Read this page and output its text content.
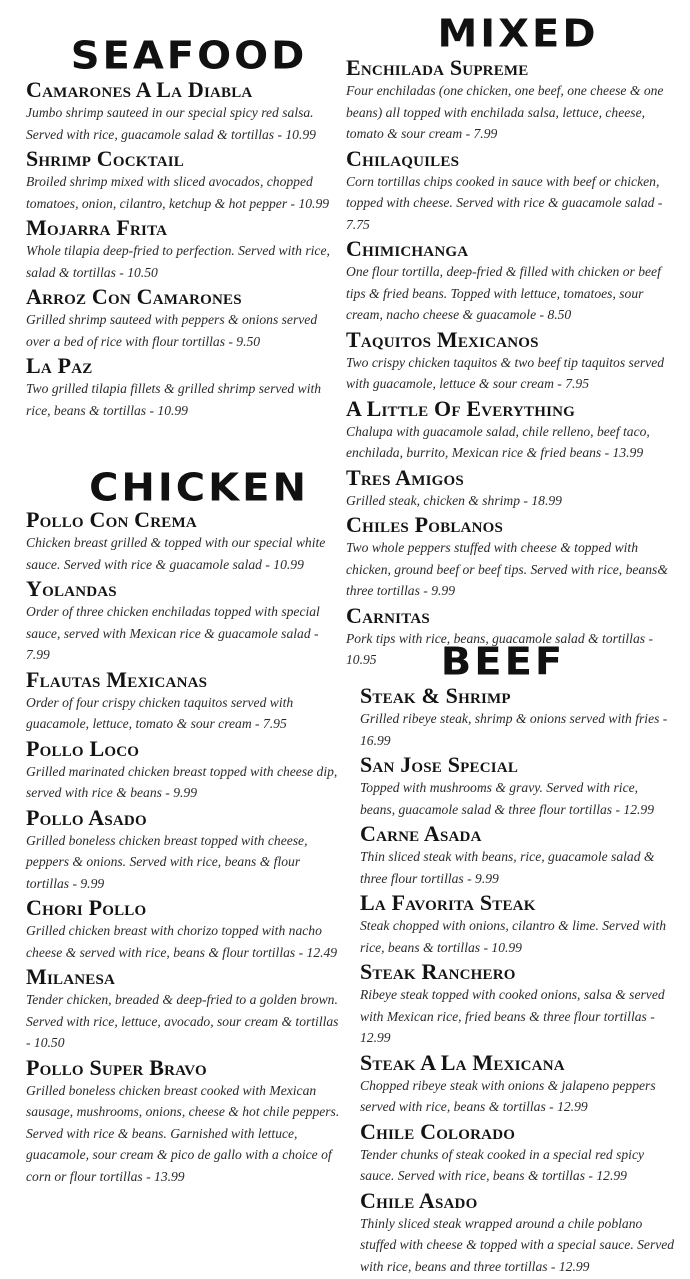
SEAFOOD
Camarones A La Diabla
Jumbo shrimp sauteed in our special spicy red salsa. Served with rice, guacamole salad & tortillas - 10.99
Shrimp Cocktail
Broiled shrimp mixed with sliced avocados, chopped tomatoes, onion, cilantro, ketchup & hot pepper - 10.99
Mojarra Frita
Whole tilapia deep-fried to perfection. Served with rice, salad & tortillas - 10.50
Arroz Con Camarones
Grilled shrimp sauteed with peppers & onions served over a bed of rice with flour tortillas - 9.50
La Paz
Two grilled tilapia fillets & grilled shrimp served with rice, beans & tortillas - 10.99
CHICKEN
Pollo Con Crema
Chicken breast grilled & topped with our special white sauce. Served with rice & guacamole salad - 10.99
Yolandas
Order of three chicken enchiladas topped with special sauce, served with Mexican rice & guacamole salad - 7.99
Flautas Mexicanas
Order of four crispy chicken taquitos served with guacamole, lettuce, tomato & sour cream - 7.95
Pollo Loco
Grilled marinated chicken breast topped with cheese dip, served with rice & beans - 9.99
Pollo Asado
Grilled boneless chicken breast topped with cheese, peppers & onions. Served with rice, beans & flour tortillas - 9.99
Chori Pollo
Grilled chicken breast with chorizo topped with nacho cheese & served with rice, beans & flour tortillas - 12.49
Milanesa
Tender chicken, breaded & deep-fried to a golden brown. Served with rice, lettuce, avocado, sour cream & tortillas - 10.50
Pollo Super Bravo
Grilled boneless chicken breast cooked with Mexican sausage, mushrooms, onions, cheese & hot chile peppers. Served with rice & beans. Garnished with lettuce, guacamole, sour cream & pico de gallo with a choice of corn or flour tortillas - 13.99
MIXED
Enchilada Supreme
Four enchiladas (one chicken, one beef, one cheese & one beans) all topped with enchilada salsa, lettuce, cheese, tomato & sour cream - 7.99
Chilaquiles
Corn tortillas chips cooked in sauce with beef or chicken, topped with cheese. Served with rice & guacamole salad - 7.75
Chimichanga
One flour tortilla, deep-fried & filled with chicken or beef tips & fried beans. Topped with lettuce, tomatoes, sour cream, nacho cheese & guacamole - 8.50
Taquitos Mexicanos
Two crispy chicken taquitos & two beef tip taquitos served with guacamole, lettuce & sour cream - 7.95
A Little Of Everything
Chalupa with guacamole salad, chile relleno, beef taco, enchilada, burrito, Mexican rice & fried beans - 13.99
Tres Amigos
Grilled steak, chicken & shrimp - 18.99
Chiles Poblanos
Two whole peppers stuffed with cheese & topped with chicken, ground beef or beef tips. Served with rice, beans& three tortillas - 9.99
Carnitas
Pork tips with rice, beans, guacamole salad & tortillas - 10.95	BEEF
Steak & Shrimp
Grilled ribeye steak, shrimp & onions served with fries - 16.99
San Jose Special
Topped with mushrooms & gravy. Served with rice, beans, guacamole salad & three flour tortillas - 12.99
Carne Asada
Thin sliced steak with beans, rice, guacamole salad & three flour tortillas - 9.99
La Favorita Steak
Steak chopped with onions, cilantro & lime. Served with rice, beans & tortillas - 10.99
Steak Ranchero
Ribeye steak topped with cooked onions, salsa & served with Mexican rice, fried beans & three flour tortillas - 12.99
Steak A La Mexicana
Chopped ribeye steak with onions & jalapeno peppers served with rice, beans & tortillas - 12.99
Chile Colorado
Tender chunks of steak cooked in a special red spicy sauce. Served with rice, beans & tortillas - 12.99
Chile Asado
Thinly sliced steak wrapped around a chile poblano stuffed with cheese & topped with a special sauce. Served with rice, beans and three tortillas - 12.99
